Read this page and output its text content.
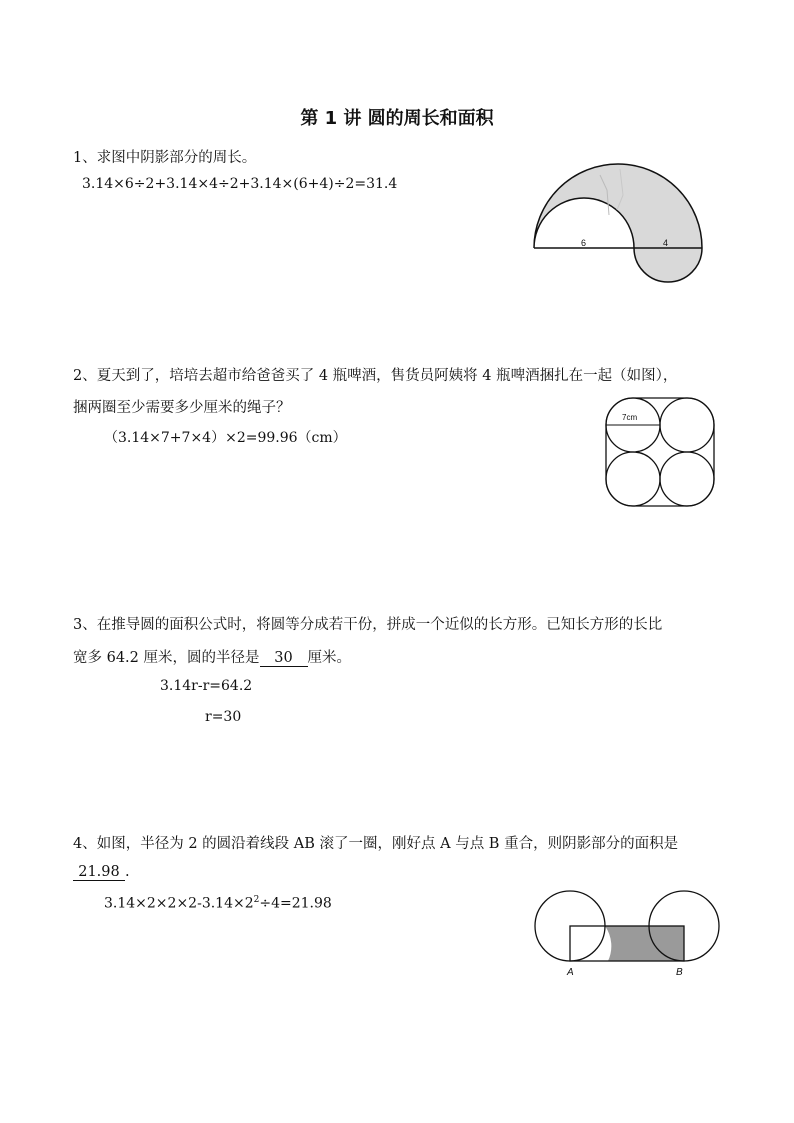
第 1 讲 圆的周长和面积
1、求图中阴影部分的周长。
3.14×6÷2+3.14×4÷2+3.14×(6+4)÷2=31.4
6	4
2、夏天到了，培培去超市给爸爸买了 4 瓶啤酒，售货员阿姨将 4 瓶啤酒捆扎在一起（如图），
捆两圈至少需要多少厘米的绳子？
（3.14×7+7×4）×2=99.96（cm）
7cm
3、在推导圆的面积公式时，将圆等分成若干份，拼成一个近似的长方形。已知长方形的长比
宽多 64.2 厘米，圆的半径是 30 厘米。
3.14r-r=64.2
r=30
4、如图，半径为 2 的圆沿着线段 AB 滚了一圈，刚好点 A 与点 B 重合，则阴影部分的面积是
21.98 .
$3.14\times 2\times 2\times 2-3.14\times 2^2\div 4=21.98$
A	B
